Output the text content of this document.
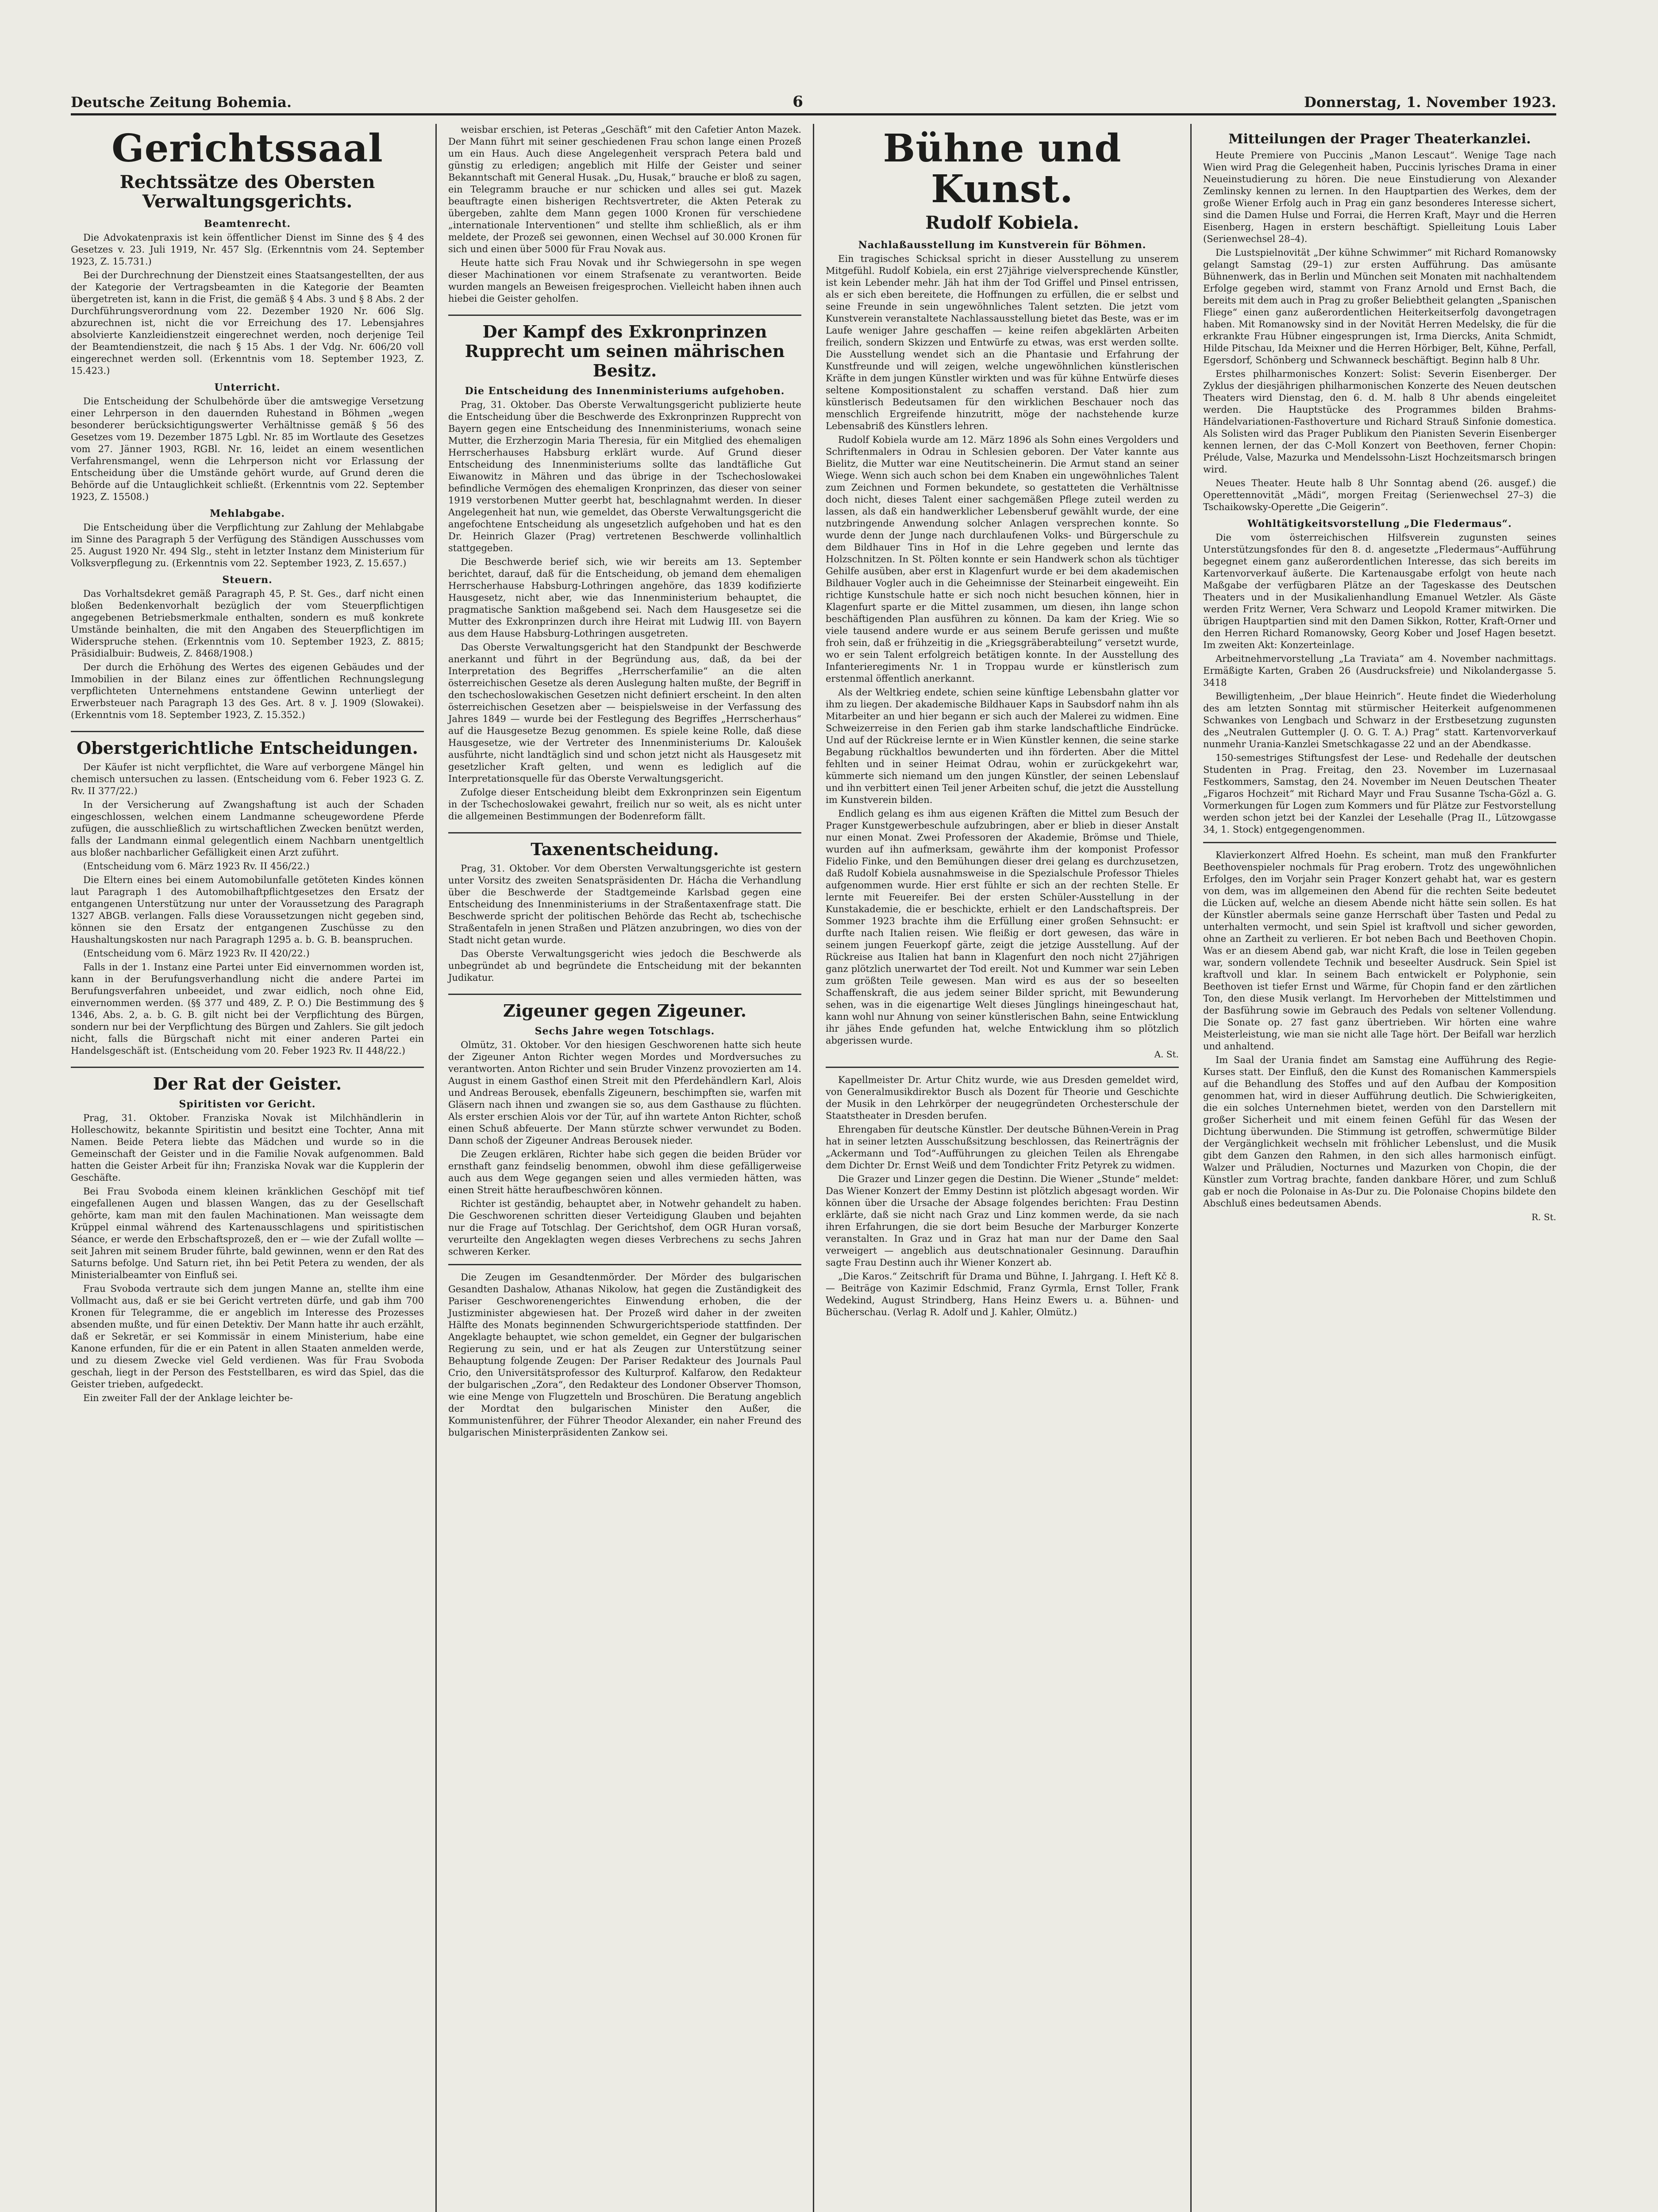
Deutsche Zeitung Bohemia.	6	Donnerstag, 1. November 1923.
Gerichtssaal
Rechtssätze des Obersten Verwaltungsgerichts.
Beamtenrecht.

Die Advokatenpraxis ist kein öffentlicher Dienst im Sinne des § 4 des Gesetzes v. 23. Juli 1919, Nr. 457 Slg. (Erkenntnis vom 24. September 1923, Z. 15.731.)

Bei der Durchrechnung der Dienstzeit eines Staatsangestellten, der aus der Kategorie der Vertragsbeamten in die Kategorie der Beamten übergetreten ist, kann in die Frist, die gemäß § 4 Abs. 3 und § 8 Abs. 2 der Durchführungsverordnung vom 22. Dezember 1920 Nr. 606 Slg. abzurechnen ist, nicht die vor Erreichung des 17. Lebensjahres absolvierte Kanzleidienstzeit eingerechnet werden, noch derjenige Teil der Beamtendienstzeit, die nach § 15 Abs. 1 der Vdg. Nr. 606/20 voll eingerechnet werden soll. (Erkenntnis vom 18. September 1923, Z. 15.423.)

Unterricht.

Die Entscheidung der Schulbehörde über die amtswegige Versetzung einer Lehrperson in den dauernden Ruhestand in Böhmen „wegen besonderer berücksichtigungswerter Verhältnisse gemäß § 56 des Gesetzes vom 19. Dezember 1875 Lgbl. Nr. 85 im Wortlaute des Gesetzes vom 27. Jänner 1903, RGBl. Nr. 16, leidet an einem wesentlichen Verfahrensmangel, wenn die Lehrperson nicht vor Erlassung der Entscheidung über die Umstände gehört wurde, auf Grund deren die Behörde auf die Untauglichkeit schließt. (Erkenntnis vom 22. September 1923, Z. 15508.)

Mehlabgabe.

Die Entscheidung über die Verpflichtung zur Zahlung der Mehlabgabe im Sinne des Paragraph 5 der Verfügung des Ständigen Ausschusses vom 25. August 1920 Nr. 494 Slg., steht in letzter Instanz dem Ministerium für Volksverpflegung zu. (Erkenntnis vom 22. September 1923, Z. 15.657.)

Steuern.

Das Vorhaltsdekret gemäß Paragraph 45, P. St. Ges., darf nicht einen bloßen Bedenkenvorhalt bezüglich der vom Steuerpflichtigen angegebenen Betriebsmerkmale enthalten, sondern es muß konkrete Umstände beinhalten, die mit den Angaben des Steuerpflichtigen im Widerspruche stehen. (Erkenntnis vom 10. September 1923, Z. 8815; Präsidialbuir: Budweis, Z. 8468/1908.)

Der durch die Erhöhung des Wertes des eigenen Gebäudes und der Immobilien in der Bilanz eines zur öffentlichen Rechnungslegung verpflichteten Unternehmens entstandene Gewinn unterliegt der Erwerbsteuer nach Paragraph 13 des Ges. Art. 8 v. J. 1909 (Slowakei). (Erkenntnis vom 18. September 1923, Z. 15.352.)

Oberstgerichtliche Entscheidungen.

Der Käufer ist nicht verpflichtet, die Ware auf verborgene Mängel hin chemisch untersuchen zu lassen. (Entscheidung vom 6. Feber 1923 G. Z. Rv. II 377/22.)

In der Versicherung auf Zwangshaftung ist auch der Schaden eingeschlossen, welchen einem Landmanne scheugewordene Pferde zufügen, die ausschließlich zu wirtschaftlichen Zwecken benützt werden, falls der Landmann einmal gelegentlich einem Nachbarn unentgeltlich aus bloßer nachbarlicher Gefälligkeit einen Arzt zuführt.

(Entscheidung vom 6. März 1923 Rv. II 456/22.)

Die Eltern eines bei einem Automobilunfalle getöteten Kindes können laut Paragraph 1 des Automobilhaftpflichtgesetzes den Ersatz der entgangenen Unterstützung nur unter der Voraussetzung des Paragraph 1327 ABGB. verlangen. Falls diese Voraussetzungen nicht gegeben sind, können sie den Ersatz der entgangenen Zuschüsse zu den Haushaltungskosten nur nach Paragraph 1295 a. b. G. B. beanspruchen.

(Entscheidung vom 6. März 1923 Rv. II 420/22.)

Falls in der 1. Instanz eine Partei unter Eid einvernommen worden ist, kann in der Berufungsverhandlung nicht die andere Partei im Berufungsverfahren unbeeidet, und zwar eidlich, noch ohne Eid, einvernommen werden. (§§ 377 und 489, Z. P. O.) Die Bestimmung des § 1346, Abs. 2, a. b. G. B. gilt nicht bei der Verpflichtung des Bürgen, sondern nur bei der Verpflichtung des Bürgen und Zahlers. Sie gilt jedoch nicht, falls die Bürgschaft nicht mit einer anderen Partei ein Handelsgeschäft ist. (Entscheidung vom 20. Feber 1923 Rv. II 448/22.)

Der Rat der Geister.
Spiritisten vor Gericht.

Prag, 31. Oktober. Franziska Novak ist Milchhändlerin in Holleschowitz, bekannte Spiritistin und besitzt eine Tochter, Anna mit Namen. Beide Petera liebte das Mädchen und wurde so in die Gemeinschaft der Geister und in die Familie Novak aufgenommen. Bald hatten die Geister Arbeit für ihn; Franziska Novak war die Kupplerin der Geschäfte.

Bei Frau Svoboda einem kleinen kränklichen Geschöpf mit tief eingefallenen Augen und blassen Wangen, das zu der Gesellschaft gehörte, kam man mit den faulen Machinationen. Man weissagte dem Krüppel einmal während des Kartenausschlagens und spiritistischen Séance, er werde den Erbschaftsprozeß, den er — wie der Zufall wollte — seit Jahren mit seinem Bruder führte, bald gewinnen, wenn er den Rat des Saturns befolge. Und Saturn riet, ihn bei Petit Petera zu wenden, der als Ministerialbeamter von Einfluß sei.

Frau Svoboda vertraute sich dem jungen Manne an, stellte ihm eine Vollmacht aus, daß er sie bei Gericht vertreten dürfe, und gab ihm 700 Kronen für Telegramme, die er angeblich im Interesse des Prozesses absenden mußte, und für einen Detektiv. Der Mann hatte ihr auch erzählt, daß er Sekretär, er sei Kommissär in einem Ministerium, habe eine Kanone erfunden, für die er ein Patent in allen Staaten anmelden werde, und zu diesem Zwecke viel Geld verdienen. Was für Frau Svoboda geschah, liegt in der Person des Feststellbaren, es wird das Spiel, das die Geister trieben, aufgedeckt.

Ein zweiter Fall der der Anklage leichter be-

weisbar erschien, ist Peteras „Geschäft“ mit den Cafetier Anton Mazek. Der Mann führt mit seiner geschiedenen Frau schon lange einen Prozeß um ein Haus. Auch diese Angelegenheit versprach Petera bald und günstig zu erledigen; angeblich mit Hilfe der Geister und seiner Bekanntschaft mit General Husak. „Du, Husak,“ brauche er bloß zu sagen, ein Telegramm brauche er nur schicken und alles sei gut. Mazek beauftragte einen bisherigen Rechtsvertreter, die Akten Peterak zu übergeben, zahlte dem Mann gegen 1000 Kronen für verschiedene „internationale Interventionen“ und stellte ihm schließlich, als er ihm meldete, der Prozeß sei gewonnen, einen Wechsel auf 30.000 Kronen für sich und einen über 5000 für Frau Novak aus.

Heute hatte sich Frau Novak und ihr Schwiegersohn in spe wegen dieser Machinationen vor einem Strafsenate zu verantworten. Beide wurden mangels an Beweisen freigesprochen. Vielleicht haben ihnen auch hiebei die Geister geholfen.

Der Kampf des Exkronprinzen Rupprecht um seinen mährischen Besitz.
Die Entscheidung des Innenministeriums aufgehoben.

Prag, 31. Oktober. Das Oberste Verwaltungsgericht publizierte heute die Entscheidung über die Beschwerde des Exkronprinzen Rupprecht von Bayern gegen eine Entscheidung des Innenministeriums, wonach seine Mutter, die Erzherzogin Maria Theresia, für ein Mitglied des ehemaligen Herrscherhauses Habsburg erklärt wurde. Auf Grund dieser Entscheidung des Innenministeriums sollte das landtäfliche Gut Eiwanowitz in Mähren und das übrige in der Tschechoslowakei befindliche Vermögen des ehemaligen Kronprinzen, das dieser von seiner 1919 verstorbenen Mutter geerbt hat, beschlagnahmt werden. In dieser Angelegenheit hat nun, wie gemeldet, das Oberste Verwaltungsgericht die angefochtene Entscheidung als ungesetzlich aufgehoben und hat es den Dr. Heinrich Glazer (Prag) vertretenen Beschwerde vollinhaltlich stattgegeben.

Die Beschwerde berief sich, wie wir bereits am 13. September berichtet, darauf, daß für die Entscheidung, ob jemand dem ehemaligen Herrscherhause Habsburg-Lothringen angehöre, das 1839 kodifizierte Hausgesetz, nicht aber, wie das Innenministerium behauptet, die pragmatische Sanktion maßgebend sei. Nach dem Hausgesetze sei die Mutter des Exkronprinzen durch ihre Heirat mit Ludwig III. von Bayern aus dem Hause Habsburg-Lothringen ausgetreten.

Das Oberste Verwaltungsgericht hat den Standpunkt der Beschwerde anerkannt und führt in der Begründung aus, daß, da bei der Interpretation des Begriffes „Herrscherfamilie“ an die alten österreichischen Gesetze als deren Auslegung halten mußte, der Begriff in den tschechoslowakischen Gesetzen nicht definiert erscheint. In den alten österreichischen Gesetzen aber — beispielsweise in der Verfassung des Jahres 1849 — wurde bei der Festlegung des Begriffes „Herrscherhaus“ auf die Hausgesetze Bezug genommen. Es spiele keine Rolle, daß diese Hausgesetze, wie der Vertreter des Innenministeriums Dr. Kaloušek ausführte, nicht landtäglich sind und schon jetzt nicht als Hausgesetz mit gesetzlicher Kraft gelten, und wenn es lediglich auf die Interpretationsquelle für das Oberste Verwaltungsgericht.

Zufolge dieser Entscheidung bleibt dem Exkronprinzen sein Eigentum in der Tschechoslowakei gewahrt, freilich nur so weit, als es nicht unter die allgemeinen Bestimmungen der Bodenreform fällt.

Taxenentscheidung.

Prag, 31. Oktober. Vor dem Obersten Verwaltungsgerichte ist gestern unter Vorsitz des zweiten Senatspräsidenten Dr. Hácha die Verhandlung über die Beschwerde der Stadtgemeinde Karlsbad gegen eine Entscheidung des Innenministeriums in der Straßentaxenfrage statt. Die Beschwerde spricht der politischen Behörde das Recht ab, tschechische Straßentafeln in jenen Straßen und Plätzen anzubringen, wo dies von der Stadt nicht getan wurde.

Das Oberste Verwaltungsgericht wies jedoch die Beschwerde als unbegründet ab und begründete die Entscheidung mit der bekannten Judikatur.

Zigeuner gegen Zigeuner.
Sechs Jahre wegen Totschlags.

Olmütz, 31. Oktober. Vor den hiesigen Geschworenen hatte sich heute der Zigeuner Anton Richter wegen Mordes und Mordversuches zu verantworten. Anton Richter und sein Bruder Vinzenz provozierten am 14. August in einem Gasthof einen Streit mit den Pferdehändlern Karl, Alois und Andreas Berousek, ebenfalls Zigeunern, beschimpften sie, warfen mit Gläsern nach ihnen und zwangen sie so, aus dem Gasthause zu flüchten. Als erster erschien Alois vor der Tür, auf ihn wartete Anton Richter, schoß einen Schuß abfeuerte. Der Mann stürzte schwer verwundet zu Boden. Dann schoß der Zigeuner Andreas Berousek nieder.

Die Zeugen erklären, Richter habe sich gegen die beiden Brüder vor ernsthaft ganz feindselig benommen, obwohl ihm diese gefälligerweise auch aus dem Wege gegangen seien und alles vermieden hätten, was einen Streit hätte heraufbeschwören können.

Richter ist geständig, behauptet aber, in Notwehr gehandelt zu haben. Die Geschworenen schritten dieser Verteidigung Glauben und bejahten nur die Frage auf Totschlag. Der Gerichtshof, dem OGR Huran vorsaß, verurteilte den Angeklagten wegen dieses Verbrechens zu sechs Jahren schweren Kerker.

Die Zeugen im Gesandtenmörder. Der Mörder des bulgarischen Gesandten Dashalow, Athanas Nikolow, hat gegen die Zuständigkeit des Pariser Geschworenengerichtes Einwendung erhoben, die der Justizminister abgewiesen hat. Der Prozeß wird daher in der zweiten Hälfte des Monats beginnenden Schwurgerichtsperiode stattfinden. Der Angeklagte behauptet, wie schon gemeldet, ein Gegner der bulgarischen Regierung zu sein, und er hat als Zeugen zur Unterstützung seiner Behauptung folgende Zeugen: Der Pariser Redakteur des Journals Paul Crio, den Universitätsprofessor des Kulturprof. Kalfarow, den Redakteur der bulgarischen „Zora“, den Redakteur des Londoner Observer Thomson, wie eine Menge von Flugzetteln und Broschüren. Die Beratung angeblich der Mordtat den bulgarischen Minister den Außer, die Kommunistenführer, der Führer Theodor Alexander, ein naher Freund des bulgarischen Ministerpräsidenten Zankow sei.

Bühne und Kunst.
Rudolf Kobiela.
Nachlaßausstellung im Kunstverein für Böhmen.

Ein tragisches Schicksal spricht in dieser Ausstellung zu unserem Mitgefühl. Rudolf Kobiela, ein erst 27jährige vielversprechende Künstler, ist kein Lebender mehr. Jäh hat ihm der Tod Griffel und Pinsel entrissen, als er sich eben bereitete, die Hoffnungen zu erfüllen, die er selbst und seine Freunde in sein ungewöhnliches Talent setzten. Die jetzt vom Kunstverein veranstaltete Nachlassausstellung bietet das Beste, was er im Laufe weniger Jahre geschaffen — keine reifen abgeklärten Arbeiten freilich, sondern Skizzen und Entwürfe zu etwas, was erst werden sollte. Die Ausstellung wendet sich an die Phantasie und Erfahrung der Kunstfreunde und will zeigen, welche ungewöhnlichen künstlerischen Kräfte in dem jungen Künstler wirkten und was für kühne Entwürfe dieses seltene Kompositionstalent zu schaffen verstand. Daß hier zum künstlerisch Bedeutsamen für den wirklichen Beschauer noch das menschlich Ergreifende hinzutritt, möge der nachstehende kurze Lebensabriß des Künstlers lehren.

Rudolf Kobiela wurde am 12. März 1896 als Sohn eines Vergolders und Schriftenmalers in Odrau in Schlesien geboren. Der Vater kannte aus Bielitz, die Mutter war eine Neutitscheinerin. Die Armut stand an seiner Wiege. Wenn sich auch schon bei dem Knaben ein ungewöhnliches Talent zum Zeichnen und Formen bekundete, so gestatteten die Verhältnisse doch nicht, dieses Talent einer sachgemäßen Pflege zuteil werden zu lassen, als daß ein handwerklicher Lebensberuf gewählt wurde, der eine nutzbringende Anwendung solcher Anlagen versprechen konnte. So wurde denn der Junge nach durchlaufenen Volks- und Bürgerschule zu dem Bildhauer Tins in Hof in die Lehre gegeben und lernte das Holzschnitzen. In St. Pölten konnte er sein Handwerk schon als tüchtiger Gehilfe ausüben, aber erst in Klagenfurt wurde er bei dem akademischen Bildhauer Vogler auch in die Geheimnisse der Steinarbeit eingeweiht. Ein richtige Kunstschule hatte er sich noch nicht besuchen können, hier in Klagenfurt sparte er die Mittel zusammen, um diesen, ihn lange schon beschäftigenden Plan ausführen zu können. Da kam der Krieg. Wie so viele tausend andere wurde er aus seinem Berufe gerissen und mußte froh sein, daß er frühzeitig in die „Kriegsgräberabteilung“ versetzt wurde, wo er sein Talent erfolgreich betätigen konnte. In der Ausstellung des Infanterieregiments Nr. 1 in Troppau wurde er künstlerisch zum erstenmal öffentlich anerkannt.

Als der Weltkrieg endete, schien seine künftige Lebensbahn glatter vor ihm zu liegen. Der akademische Bildhauer Kaps in Saubsdorf nahm ihn als Mitarbeiter an und hier begann er sich auch der Malerei zu widmen. Eine Schweizerreise in den Ferien gab ihm starke landschaftliche Eindrücke. Und auf der Rückreise lernte er in Wien Künstler kennen, die seine starke Begabung rückhaltlos bewunderten und ihn förderten. Aber die Mittel fehlten und in seiner Heimat Odrau, wohin er zurückgekehrt war, kümmerte sich niemand um den jungen Künstler, der seinen Lebenslauf und ihn verbittert einen Teil jener Arbeiten schuf, die jetzt die Ausstellung im Kunstverein bilden.

Endlich gelang es ihm aus eigenen Kräften die Mittel zum Besuch der Prager Kunstgewerbeschule aufzubringen, aber er blieb in dieser Anstalt nur einen Monat. Zwei Professoren der Akademie, Brömse und Thiele, wurden auf ihn aufmerksam, gewährte ihm der komponist Professor Fidelio Finke, und den Bemühungen dieser drei gelang es durchzusetzen, daß Rudolf Kobiela ausnahmsweise in die Spezialschule Professor Thieles aufgenommen wurde. Hier erst fühlte er sich an der rechten Stelle. Er lernte mit Feuereifer. Bei der ersten Schüler-Ausstellung in der Kunstakademie, die er beschickte, erhielt er den Landschaftspreis. Der Sommer 1923 brachte ihm die Erfüllung einer großen Sehnsucht: er durfte nach Italien reisen. Wie fleißig er dort gewesen, das wäre in seinem jungen Feuerkopf gärte, zeigt die jetzige Ausstellung. Auf der Rückreise aus Italien hat bann in Klagenfurt den noch nicht 27jährigen ganz plötzlich unerwartet der Tod ereilt. Not und Kummer war sein Leben zum größten Teile gewesen. Man wird es aus der so beseelten Schaffenskraft, die aus jedem seiner Bilder spricht, mit Bewunderung sehen, was in die eigenartige Welt dieses Jünglings hineingeschaut hat, kann wohl nur Ahnung von seiner künstlerischen Bahn, seine Entwicklung ihr jähes Ende gefunden hat, welche Entwicklung ihm so plötzlich abgerissen wurde.

A. St.

Kapellmeister Dr. Artur Chitz wurde, wie aus Dresden gemeldet wird, von Generalmusikdirektor Busch als Dozent für Theorie und Geschichte der Musik in den Lehrkörper der neugegründeten Orchesterschule der Staatstheater in Dresden berufen.

Ehrengaben für deutsche Künstler. Der deutsche Bühnen-Verein in Prag hat in seiner letzten Ausschußsitzung beschlossen, das Reinerträgnis der „Ackermann und Tod“-Aufführungen zu gleichen Teilen als Ehrengabe dem Dichter Dr. Ernst Weiß und dem Tondichter Fritz Petyrek zu widmen.

Die Grazer und Linzer gegen die Destinn. Die Wiener „Stunde“ meldet: Das Wiener Konzert der Emmy Destinn ist plötzlich abgesagt worden. Wir können über die Ursache der Absage folgendes berichten: Frau Destinn erklärte, daß sie nicht nach Graz und Linz kommen werde, da sie nach ihren Erfahrungen, die sie dort beim Besuche der Marburger Konzerte veranstalten. In Graz und in Graz hat man nur der Dame den Saal verweigert — angeblich aus deutschnationaler Gesinnung. Daraufhin sagte Frau Destinn auch ihr Wiener Konzert ab.

„Die Karos.“ Zeitschrift für Drama und Bühne, I. Jahrgang. I. Heft Kč 8.— Beiträge von Kazimir Edschmid, Franz Gyrmla, Ernst Toller, Frank Wedekind, August Strindberg, Hans Heinz Ewers u. a. Bühnen- und Bücherschau. (Verlag R. Adolf und J. Kahler, Olmütz.)

Mitteilungen der Prager Theaterkanzlei.

Heute Premiere von Puccinis „Manon Lescaut“. Wenige Tage nach Wien wird Prag die Gelegenheit haben, Puccinis lyrisches Drama in einer Neueinstudierung zu hören. Die neue Einstudierung von Alexander Zemlinsky kennen zu lernen. In den Hauptpartien des Werkes, dem der große Wiener Erfolg auch in Prag ein ganz besonderes Interesse sichert, sind die Damen Hulse und Forrai, die Herren Kraft, Mayr und die Herren Eisenberg, Hagen in erstern beschäftigt. Spielleitung Louis Laber (Serienwechsel 28–4).

Die Lustspielnovität „Der kühne Schwimmer“ mit Richard Romanowsky gelangt Samstag (29–1) zur ersten Aufführung. Das amüsante Bühnenwerk, das in Berlin und München seit Monaten mit nachhaltendem Erfolge gegeben wird, stammt von Franz Arnold und Ernst Bach, die bereits mit dem auch in Prag zu großer Beliebtheit gelangten „Spanischen Fliege“ einen ganz außerordentlichen Heiterkeitserfolg davongetragen haben. Mit Romanowsky sind in der Novität Herren Medelsky, die für die erkrankte Frau Hübner eingesprungen ist, Irma Diercks, Anita Schmidt, Hilde Pitschau, Ida Meixner und die Herren Hörbiger, Belt, Kühne, Perfall, Egersdorf, Schönberg und Schwanneck beschäftigt. Beginn halb 8 Uhr.

Erstes philharmonisches Konzert: Solist: Severin Eisenberger. Der Zyklus der diesjährigen philharmonischen Konzerte des Neuen deutschen Theaters wird Dienstag, den 6. d. M. halb 8 Uhr abends eingeleitet werden. Die Hauptstücke des Programmes bilden Brahms-Händelvariationen-Fasthoverture und Richard Strauß Sinfonie domestica. Als Solisten wird das Prager Publikum den Pianisten Severin Eisenberger kennen lernen, der das C-Moll Konzert von Beethoven, ferner Chopin: Prélude, Valse, Mazurka und Mendelssohn-Liszt Hochzeitsmarsch bringen wird.

Neues Theater. Heute halb 8 Uhr Sonntag abend (26. ausgef.) die Operettennovität „Mädi“, morgen Freitag (Serienwechsel 27–3) die Tschaikowsky-Operette „Die Geigerin“.

Wohltätigkeitsvorstellung „Die Fledermaus“.

Die vom österreichischen Hilfsverein zugunsten seines Unterstützungsfondes für den 8. d. angesetzte „Fledermaus“-Aufführung begegnet einem ganz außerordentlichen Interesse, das sich bereits im Kartenvorverkauf äußerte. Die Kartenausgabe erfolgt von heute nach Maßgabe der verfügbaren Plätze an der Tageskasse des Deutschen Theaters und in der Musikalienhandlung Emanuel Wetzler. Als Gäste werden Fritz Werner, Vera Schwarz und Leopold Kramer mitwirken. Die übrigen Hauptpartien sind mit den Damen Sikkon, Rotter, Kraft-Orner und den Herren Richard Romanowsky, Georg Kober und Josef Hagen besetzt. Im zweiten Akt: Konzerteinlage.

Arbeitnehmervorstellung „La Traviata“ am 4. November nachmittags. Ermäßigte Karten, Graben 26 (Ausdrucksfreie) und Nikolandergasse 5. 3418

Bewilligtenheim, „Der blaue Heinrich“. Heute findet die Wiederholung des am letzten Sonntag mit stürmischer Heiterkeit aufgenommenen Schwankes von Lengbach und Schwarz in der Erstbesetzung zugunsten des „Neutralen Guttempler (J. O. G. T. A.) Prag“ statt. Kartenvorverkauf nunmehr Urania-Kanzlei Smetschkagasse 22 und an der Abendkasse.

150-semestriges Stiftungsfest der Lese- und Redehalle der deutschen Studenten in Prag. Freitag, den 23. November im Luzernasaal Festkommers, Samstag, den 24. November im Neuen Deutschen Theater „Figaros Hochzeit“ mit Richard Mayr und Frau Susanne Tscha-Gözl a. G. Vormerkungen für Logen zum Kommers und für Plätze zur Festvorstellung werden schon jetzt bei der Kanzlei der Lesehalle (Prag II., Lützowgasse 34, 1. Stock) entgegengenommen.

Klavierkonzert Alfred Hoehn. Es scheint, man muß den Frankfurter Beethovenspieler nochmals für Prag erobern. Trotz des ungewöhnlichen Erfolges, den im Vorjahr sein Prager Konzert gehabt hat, war es gestern von dem, was im allgemeinen den Abend für die rechten Seite bedeutet die Lücken auf, welche an diesem Abende nicht hätte sein sollen. Es hat der Künstler abermals seine ganze Herrschaft über Tasten und Pedal zu unterhalten vermocht, und sein Spiel ist kraftvoll und sicher geworden, ohne an Zartheit zu verlieren. Er bot neben Bach und Beethoven Chopin. Was er an diesem Abend gab, war nicht Kraft, die lose in Teilen gegeben war, sondern vollendete Technik und beseelter Ausdruck. Sein Spiel ist kraftvoll und klar. In seinem Bach entwickelt er Polyphonie, sein Beethoven ist tiefer Ernst und Wärme, für Chopin fand er den zärtlichen Ton, den diese Musik verlangt. Im Hervorheben der Mittelstimmen und der Basführung sowie im Gebrauch des Pedals von seltener Vollendung. Die Sonate op. 27 fast ganz übertrieben. Wir hörten eine wahre Meisterleistung, wie man sie nicht alle Tage hört. Der Beifall war herzlich und anhaltend.

Im Saal der Urania findet am Samstag eine Aufführung des Regie-Kurses statt. Der Einfluß, den die Kunst des Romanischen Kammerspiels auf die Behandlung des Stoffes und auf den Aufbau der Komposition genommen hat, wird in dieser Aufführung deutlich. Die Schwierigkeiten, die ein solches Unternehmen bietet, werden von den Darstellern mit großer Sicherheit und mit einem feinen Gefühl für das Wesen der Dichtung überwunden. Die Stimmung ist getroffen, schwermütige Bilder der Vergänglichkeit wechseln mit fröhlicher Lebenslust, und die Musik gibt dem Ganzen den Rahmen, in den sich alles harmonisch einfügt. Walzer und Präludien, Nocturnes und Mazurken von Chopin, die der Künstler zum Vortrag brachte, fanden dankbare Hörer, und zum Schluß gab er noch die Polonaise in As-Dur zu. Die Polonaise Chopins bildete den Abschluß eines bedeutsamen Abends.

R. St.
